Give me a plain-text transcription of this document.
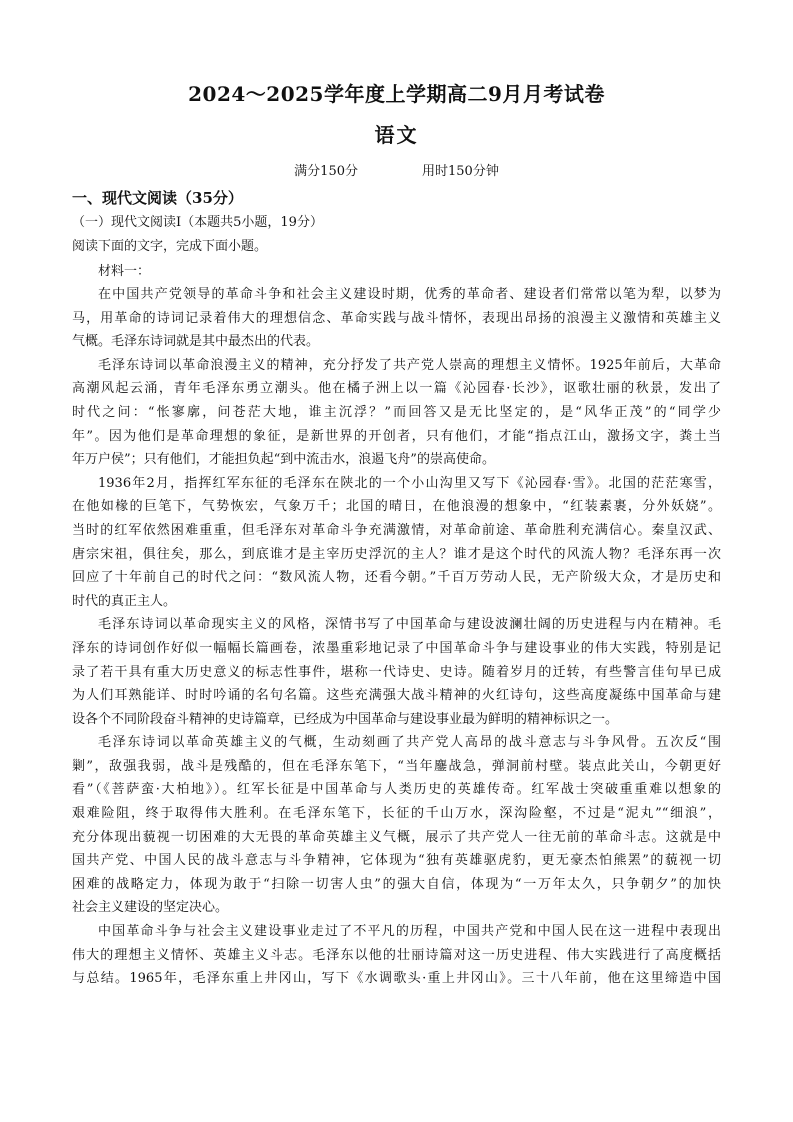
2024～2025学年度上学期高二9月月考试卷
语文
满分150分	用时150分钟
一、现代文阅读（35分）
（一）现代文阅读Ⅰ（本题共5小题，19分）
阅读下面的文字，完成下面小题。
材料一：
在中国共产党领导的革命斗争和社会主义建设时期，优秀的革命者、建设者们常常以笔为犁，以梦为
马，用革命的诗词记录着伟大的理想信念、革命实践与战斗情怀，表现出昂扬的浪漫主义激情和英雄主义
气概。毛泽东诗词就是其中最杰出的代表。
毛泽东诗词以革命浪漫主义的精神，充分抒发了共产党人崇高的理想主义情怀。1925年前后，大革命
高潮风起云涌，青年毛泽东勇立潮头。他在橘子洲上以一篇《沁园春·长沙》，讴歌壮丽的秋景，发出了
时代之问：“怅寥廓，问苍茫大地，谁主沉浮？”而回答又是无比坚定的，是“风华正茂”的“同学少
年”。因为他们是革命理想的象征，是新世界的开创者，只有他们，才能“指点江山，激扬文字，粪土当
年万户侯”；只有他们，才能担负起“到中流击水，浪遏飞舟”的崇高使命。
1936年2月，指挥红军东征的毛泽东在陕北的一个小山沟里又写下《沁园春·雪》。北国的茫茫寒雪，
在他如椽的巨笔下，气势恢宏，气象万千；北国的晴日，在他浪漫的想象中，“红装素裹，分外妖娆”。
当时的红军依然困难重重，但毛泽东对革命斗争充满激情，对革命前途、革命胜利充满信心。秦皇汉武、
唐宗宋祖，俱往矣，那么，到底谁才是主宰历史浮沉的主人？谁才是这个时代的风流人物？毛泽东再一次
回应了十年前自己的时代之问：“数风流人物，还看今朝。”千百万劳动人民，无产阶级大众，才是历史和
时代的真正主人。
毛泽东诗词以革命现实主义的风格，深情书写了中国革命与建设波澜壮阔的历史进程与内在精神。毛
泽东的诗词创作好似一幅幅长篇画卷，浓墨重彩地记录了中国革命斗争与建设事业的伟大实践，特别是记
录了若干具有重大历史意义的标志性事件，堪称一代诗史、史诗。随着岁月的迁转，有些警言佳句早已成
为人们耳熟能详、时时吟诵的名句名篇。这些充满强大战斗精神的火红诗句，这些高度凝练中国革命与建
设各个不同阶段奋斗精神的史诗篇章，已经成为中国革命与建设事业最为鲜明的精神标识之一。
毛泽东诗词以革命英雄主义的气概，生动刻画了共产党人高昂的战斗意志与斗争风骨。五次反“围
剿”，敌强我弱，战斗是残酷的，但在毛泽东笔下，“当年鏖战急，弹洞前村壁。装点此关山，今朝更好
看”（《菩萨蛮·大柏地》）。红军长征是中国革命与人类历史的英雄传奇。红军战士突破重重难以想象的
艰难险阻，终于取得伟大胜利。在毛泽东笔下，长征的千山万水，深沟险壑，不过是“泥丸”“细浪”，
充分体现出藐视一切困难的大无畏的革命英雄主义气概，展示了共产党人一往无前的革命斗志。这就是中
国共产党、中国人民的战斗意志与斗争精神，它体现为“独有英雄驱虎豹，更无豪杰怕熊罴”的藐视一切
困难的战略定力，体现为敢于“扫除一切害人虫”的强大自信，体现为“一万年太久，只争朝夕”的加快
社会主义建设的坚定决心。
中国革命斗争与社会主义建设事业走过了不平凡的历程，中国共产党和中国人民在这一进程中表现出
伟大的理想主义情怀、英雄主义斗志。毛泽东以他的壮丽诗篇对这一历史进程、伟大实践进行了高度概括
与总结。1965年，毛泽东重上井冈山，写下《水调歌头·重上井冈山》。三十八年前，他在这里缔造中国
